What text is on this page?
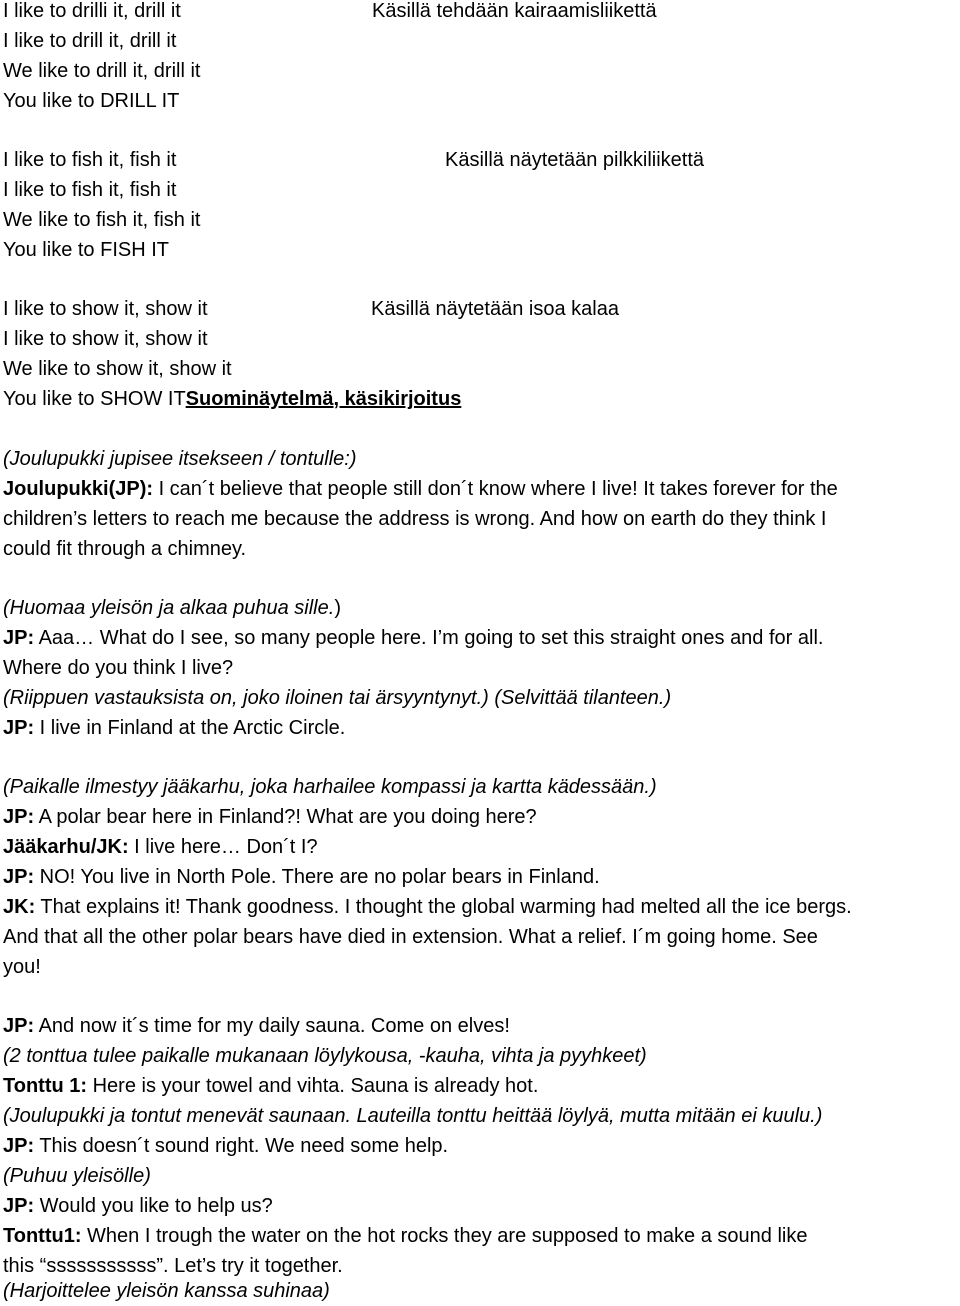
I like to drilli it, drill it	Käsillä tehdään kairaamisliikettä
I like to drill it, drill it
We like to drill it, drill it
You like to DRILL IT
I like to fish it, fish it	Käsillä näytetään pilkkiliikettä
I like to fish it, fish it
We like to fish it, fish it
You like to FISH IT
I like to show it, show it	Käsillä näytetään isoa kalaa
I like to show it, show it
We like to show it, show it
You like to SHOW ITSuominäytelmä, käsikirjoitus
(Joulupukki jupisee itsekseen / tontulle:)
Joulupukki(JP): I can´t believe that people still don´t know where I live! It takes forever for the
children’s letters to reach me because the address is wrong. And how on earth do they think I
could fit through a chimney.
(Huomaa yleisön ja alkaa puhua sille.)
JP: Aaa… What do I see, so many people here. I’m going to set this straight ones and for all.
Where do you think I live?
(Riippuen vastauksista on, joko iloinen tai ärsyyntynyt.) (Selvittää tilanteen.)
JP: I live in Finland at the Arctic Circle.
(Paikalle ilmestyy jääkarhu, joka harhailee kompassi ja kartta kädessään.)
JP: A polar bear here in Finland?! What are you doing here?
Jääkarhu/JK: I live here… Don´t I?
JP: NO! You live in North Pole. There are no polar bears in Finland.
JK: That explains it! Thank goodness. I thought the global warming had melted all the ice bergs.
And that all the other polar bears have died in extension. What a relief. I´m going home. See
you!
JP: And now it´s time for my daily sauna. Come on elves!
(2 tonttua tulee paikalle mukanaan löylykousa, -kauha, vihta ja pyyhkeet)
Tonttu 1: Here is your towel and vihta. Sauna is already hot.
(Joulupukki ja tontut menevät saunaan. Lauteilla tonttu heittää löylyä, mutta mitään ei kuulu.)
JP: This doesn´t sound right. We need some help.
(Puhuu yleisölle)
JP: Would you like to help us?
Tonttu1: When I trough the water on the hot rocks they are supposed to make a sound like
this “sssssssssss”. Let’s try it together.
(Harjoittelee yleisön kanssa suhinaa)
